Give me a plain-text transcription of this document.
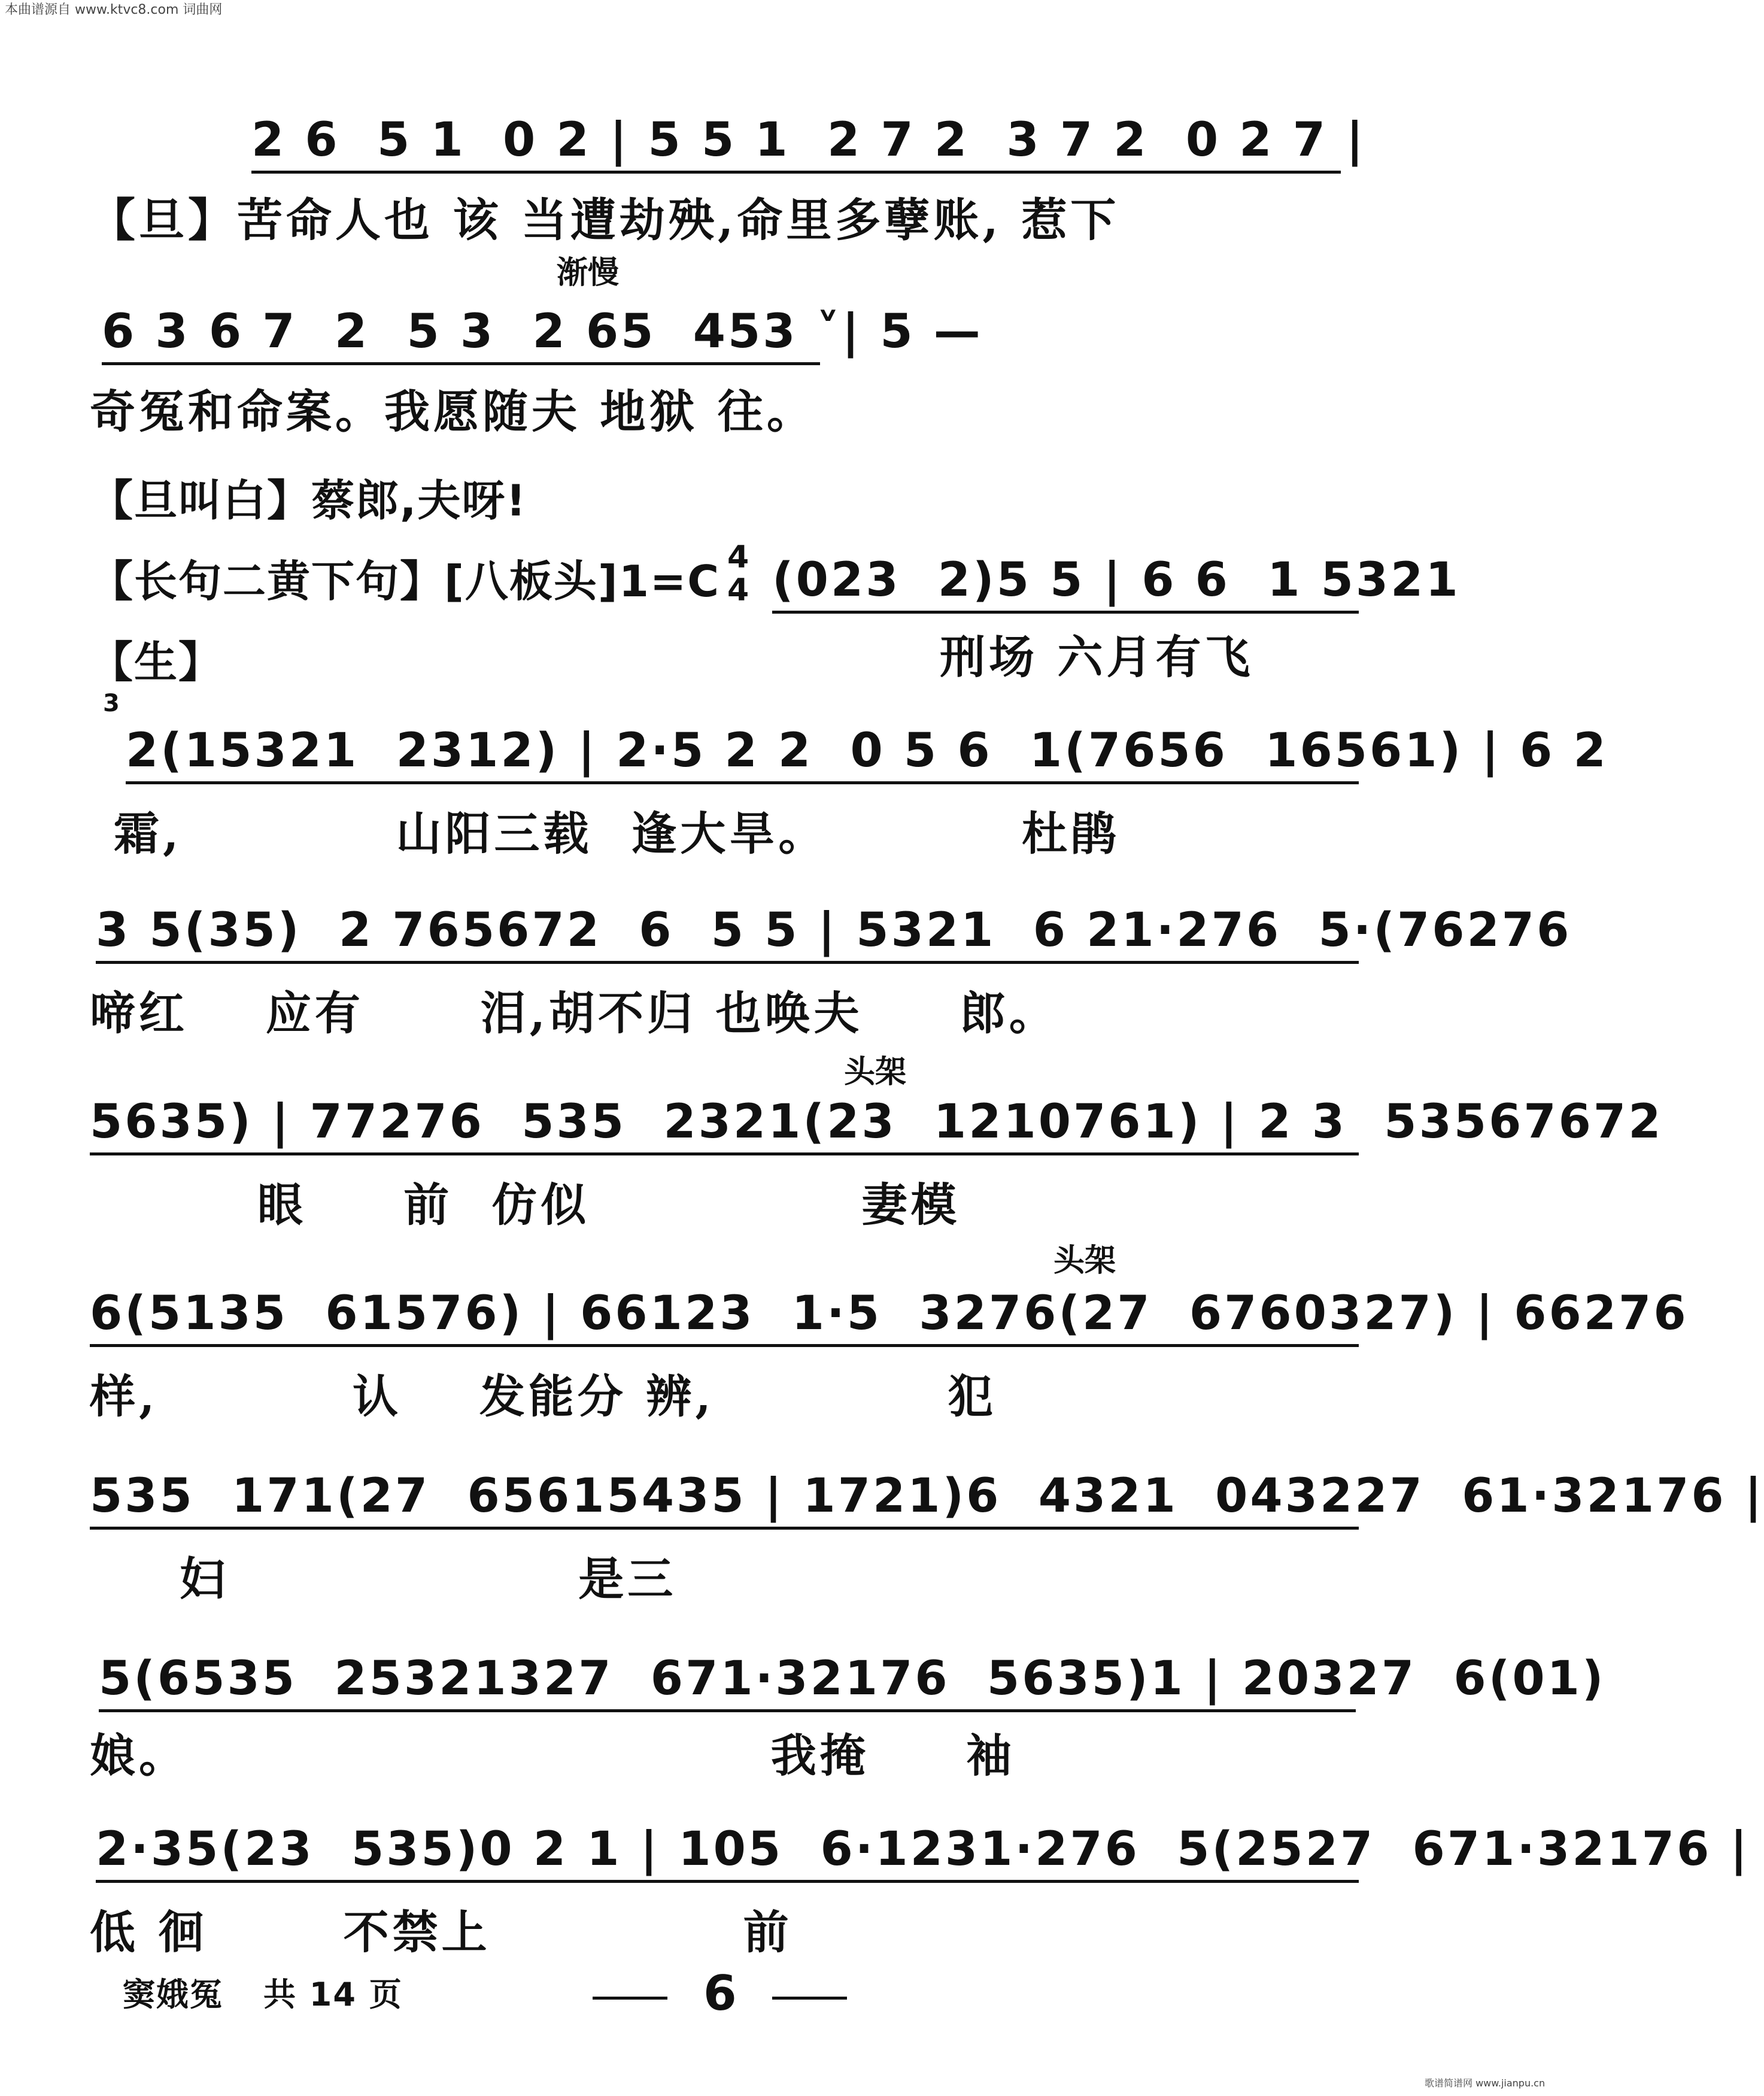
本曲谱源自 www.ktvc8.com 词曲网
歌谱简谱网 www.jianpu.cn
2 6  5 1  0 2 | 5 5 1  2 7 2  3 7 2  0 2 7 |
【旦】苦命人也 该 当遭劫殃,命里多孽账, 惹下
渐慢
6 3 6 7  2  5 3  2 65  453 ˅| 5 —
奇冤和命案。我愿随夫 地狱 往。
【旦叫白】蔡郎,夫呀!
【长句二黄下句】[八板头]1=C 4
4 (023  2)5 5 | 6 6  1 5321
【生】	刑场 六月有飞
3
2(15321  2312) | 2·5 2 2  0 5 6  1(7656  16561) | 6 2
霜,           山阳三载  逢大旱。          杜鹃
3 5(35)  2 765672  6  5 5 | 5321  6 21·276  5·(76276
啼红    应有      泪,胡不归 也唤夫     郎。
头架
5635) | 77276  535  2321(23  1210761) | 2 3  53567672
眼     前  仿似              妻模
头架
6(5135  61576) | 66123  1·5  3276(27  6760327) | 66276
样,          认    发能分 辨,            犯
535  171(27  65615435 | 1721)6  4321  043227  61·32176 |
妇                  是三
5(6535  25321327  671·32176  5635)1 | 20327  6(01)
娘。                              我掩     袖
2·35(23  535)0 2 1 | 105  6·1231·276  5(2527  671·32176 |
低 徊       不禁上             前
窦娥冤 共 14 页	6
